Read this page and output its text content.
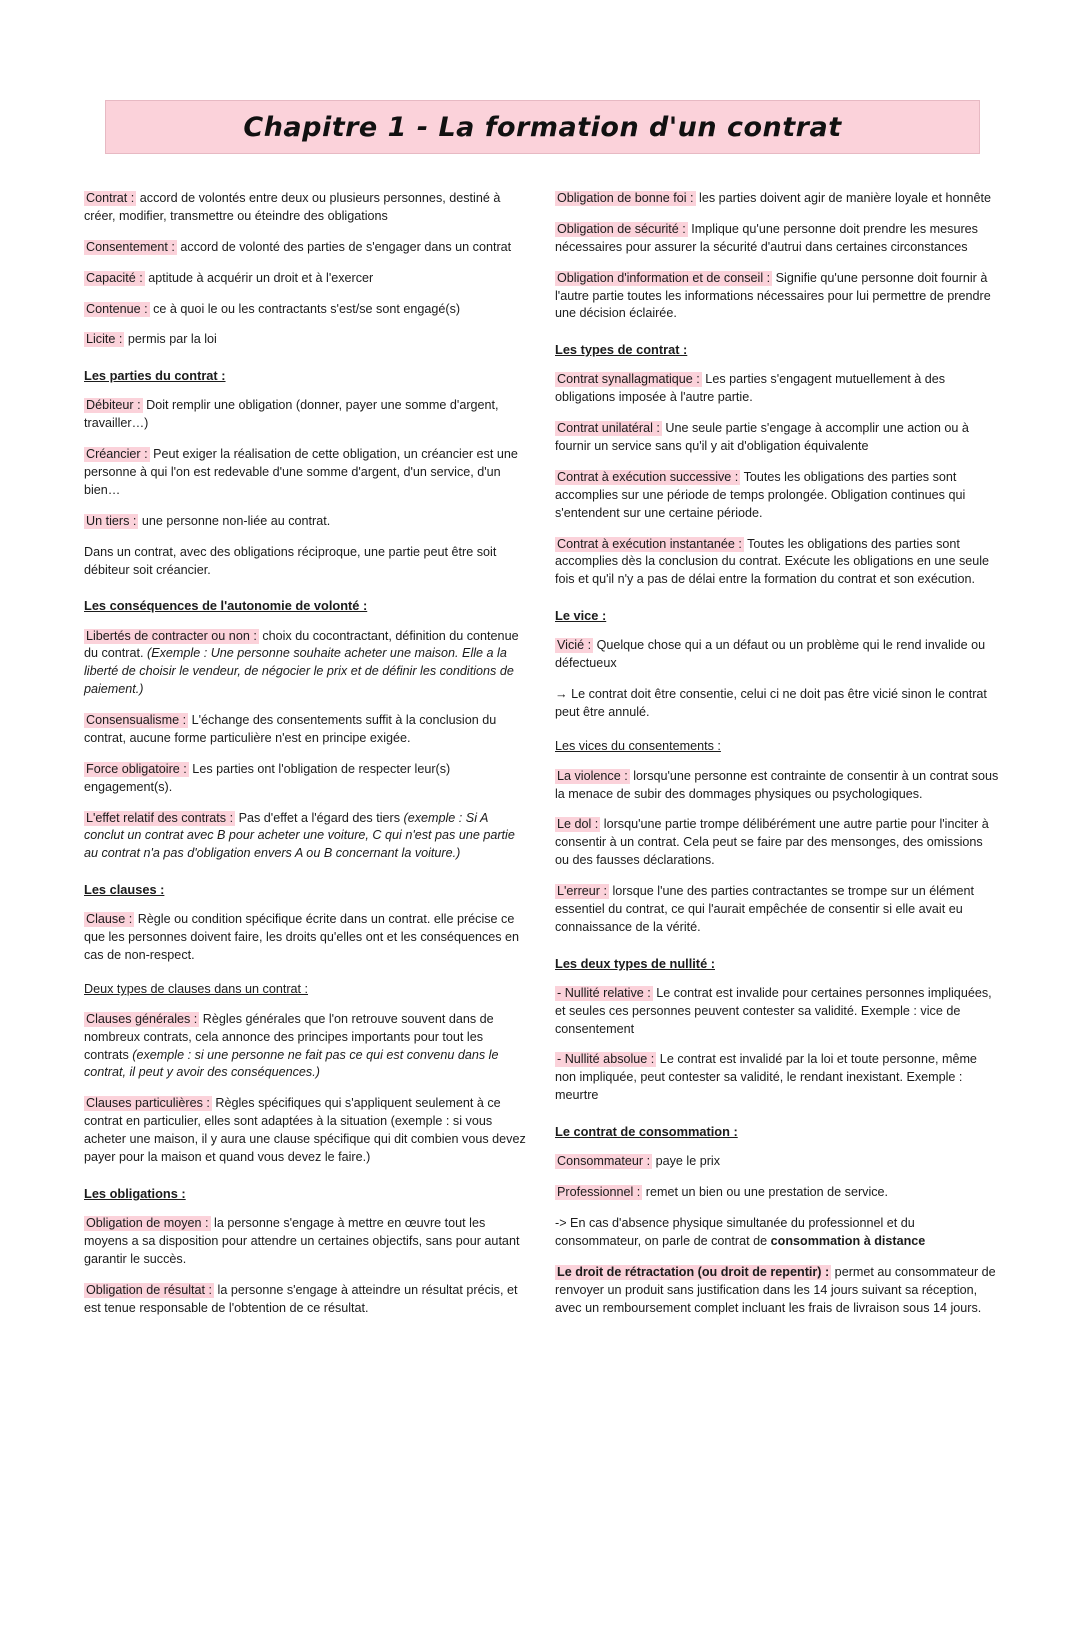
Chapitre 1 - La formation d'un contrat

Contrat : accord de volontés entre deux ou plusieurs personnes, destiné à créer, modifier, transmettre ou éteindre des obligations

Consentement : accord de volonté des parties de s'engager dans un contrat

Capacité : aptitude à acquérir un droit et à l'exercer

Contenue : ce à quoi le ou les contractants s'est/se sont engagé(s)

Licite : permis par la loi

Les parties du contrat :

Débiteur : Doit remplir une obligation (donner, payer une somme d'argent, travailler…)

Créancier : Peut exiger la réalisation de cette obligation, un créancier est une personne à qui l'on est redevable d'une somme d'argent, d'un service, d'un bien…

Un tiers : une personne non-liée au contrat.

Dans un contrat, avec des obligations réciproque, une partie peut être soit débiteur soit créancier.

Les conséquences de l'autonomie de volonté :

Libertés de contracter ou non : choix du cocontractant, définition du contenue du contrat. (Exemple : Une personne souhaite acheter une maison. Elle a la liberté de choisir le vendeur, de négocier le prix et de définir les conditions de paiement.)

Consensualisme : L'échange des consentements suffit à la conclusion du contrat, aucune forme particulière n'est en principe exigée.

Force obligatoire : Les parties ont l'obligation de respecter leur(s) engagement(s).

L'effet relatif des contrats : Pas d'effet a l'égard des tiers (exemple : Si A conclut un contrat avec B pour acheter une voiture, C qui n'est pas une partie au contrat n'a pas d'obligation envers A ou B concernant la voiture.)

Les clauses :

Clause : Règle ou condition spécifique écrite dans un contrat. elle précise ce que les personnes doivent faire, les droits qu'elles ont et les conséquences en cas de non-respect.

Deux types de clauses dans un contrat :

Clauses générales : Règles générales que l'on retrouve souvent dans de nombreux contrats, cela annonce des principes importants pour tout les contrats (exemple : si une personne ne fait pas ce qui est convenu dans le contrat, il peut y avoir des conséquences.)

Clauses particulières : Règles spécifiques qui s'appliquent seulement à ce contrat en particulier, elles sont adaptées à la situation (exemple : si vous acheter une maison, il y aura une clause spécifique qui dit combien vous devez payer pour la maison et quand vous devez le faire.)

Les obligations :

Obligation de moyen : la personne s'engage à mettre en œuvre tout les moyens a sa disposition pour attendre un certaines objectifs, sans pour autant garantir le succès.

Obligation de résultat : la personne s'engage à atteindre un résultat précis, et est tenue responsable de l'obtention de ce résultat.

Obligation de bonne foi : les parties doivent agir de manière loyale et honnête

Obligation de sécurité : Implique qu'une personne doit prendre les mesures nécessaires pour assurer la sécurité d'autrui dans certaines circonstances

Obligation d'information et de conseil : Signifie qu'une personne doit fournir à l'autre partie toutes les informations nécessaires pour lui permettre de prendre une décision éclairée.

Les types de contrat :

Contrat synallagmatique : Les parties s'engagent mutuellement à des obligations imposée à l'autre partie.

Contrat unilatéral : Une seule partie s'engage à accomplir une action ou à fournir un service sans qu'il y ait d'obligation équivalente

Contrat à exécution successive : Toutes les obligations des parties sont accomplies sur une période de temps prolongée. Obligation continues qui s'entendent sur une certaine période.

Contrat à exécution instantanée : Toutes les obligations des parties sont accomplies dès la conclusion du contrat. Exécute les obligations en une seule fois et qu'il n'y a pas de délai entre la formation du contrat et son exécution.

Le vice :

Vicié : Quelque chose qui a un défaut ou un problème qui le rend invalide ou défectueux

→ Le contrat doit être consentie, celui ci ne doit pas être vicié sinon le contrat peut être annulé.

Les vices du consentements :

La violence : lorsqu'une personne est contrainte de consentir à un contrat sous la menace de subir des dommages physiques ou psychologiques.

Le dol : lorsqu'une partie trompe délibérément une autre partie pour l'inciter à consentir à un contrat. Cela peut se faire par des mensonges, des omissions ou des fausses déclarations.

L'erreur : lorsque l'une des parties contractantes se trompe sur un élément essentiel du contrat, ce qui l'aurait empêchée de consentir si elle avait eu connaissance de la vérité.

Les deux types de nullité :

- Nullité relative : Le contrat est invalide pour certaines personnes impliquées, et seules ces personnes peuvent contester sa validité. Exemple : vice de consentement

- Nullité absolue : Le contrat est invalidé par la loi et toute personne, même non impliquée, peut contester sa validité, le rendant inexistant. Exemple : meurtre

Le contrat de consommation :

Consommateur : paye le prix

Professionnel : remet un bien ou une prestation de service.

-> En cas d'absence physique simultanée du professionnel et du consommateur, on parle de contrat de consommation à distance

Le droit de rétractation (ou droit de repentir) : permet au consommateur de renvoyer un produit sans justification dans les 14 jours suivant sa réception, avec un remboursement complet incluant les frais de livraison sous 14 jours.
